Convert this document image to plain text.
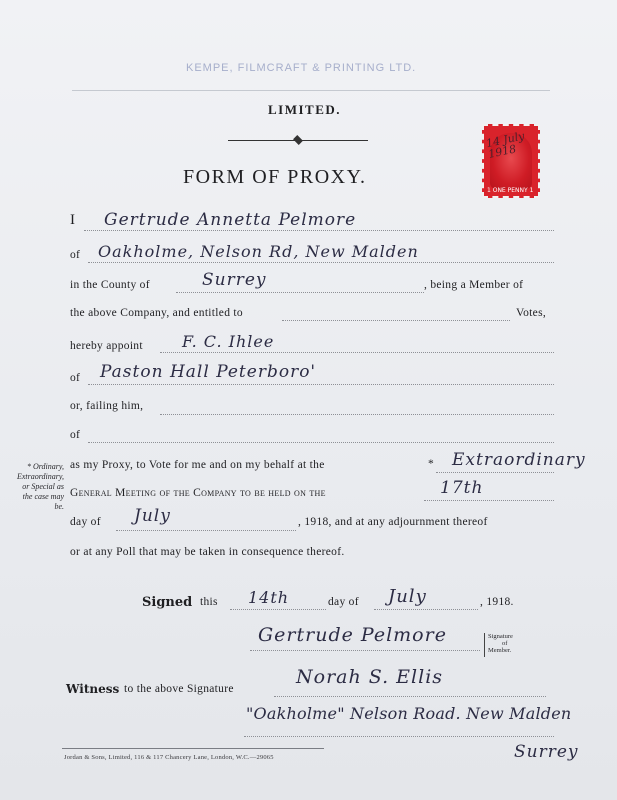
KEMPE, FILMCRAFT & PRINTING LTD.
LIMITED.
FORM OF PROXY.
14 July 1918
1 ONE PENNY 1
I Gertrude Annetta Pelmore
of Oakholme, Nelson Rd, New Malden
in the County of	Surrey	, being a Member of
the above Company, and entitled to	Votes,
hereby appoint F. C. Ihlee
of Paston Hall Peterboro'
or, failing him,
of
* Ordinary,
Extraordinary,
or Special as
the case may
be.
as my Proxy, to Vote for me and on my behalf at the	* Extraordinary
General Meeting of the Company to be held on the	17th
day of July	, 1918, and at any adjournment thereof
or at any Poll that may be taken in consequence thereof.
Signed this 14th	day of July	, 1918.
Gertrude Pelmore	Signature
of
Member.
Witness to the above Signature
Norah S. Ellis
"Oakholme" Nelson Road. New Malden
Surrey
Jordan & Sons, Limited, 116 & 117 Chancery Lane, London, W.C.—29065
